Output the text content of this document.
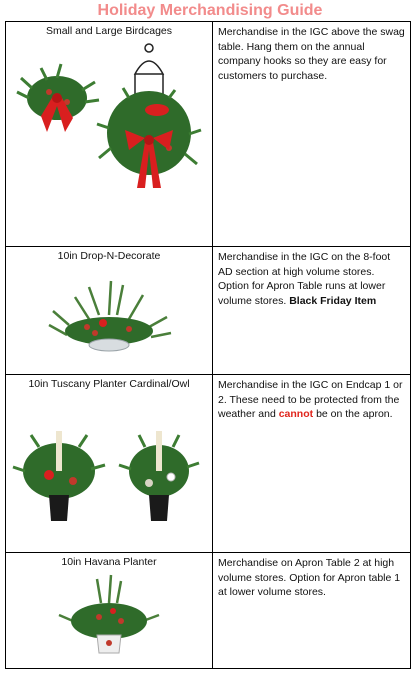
Holiday Merchandising Guide
Small and Large Birdcages	Merchandise in the IGC above the swag table. Hang them on the annual company hooks so they are easy for customers to purchase.

10in Drop-N-Decorate	Merchandise in the IGC on the 8-foot AD section at high volume stores. Option for Apron Table runs at lower volume stores. Black Friday Item

10in Tuscany Planter Cardinal/Owl	Merchandise in the IGC on Endcap 1 or 2. These need to be protected from the weather and cannot be on the apron.

10in Havana Planter	Merchandise on Apron Table 2 at high volume stores. Option for Apron table 1 at lower volume stores.
